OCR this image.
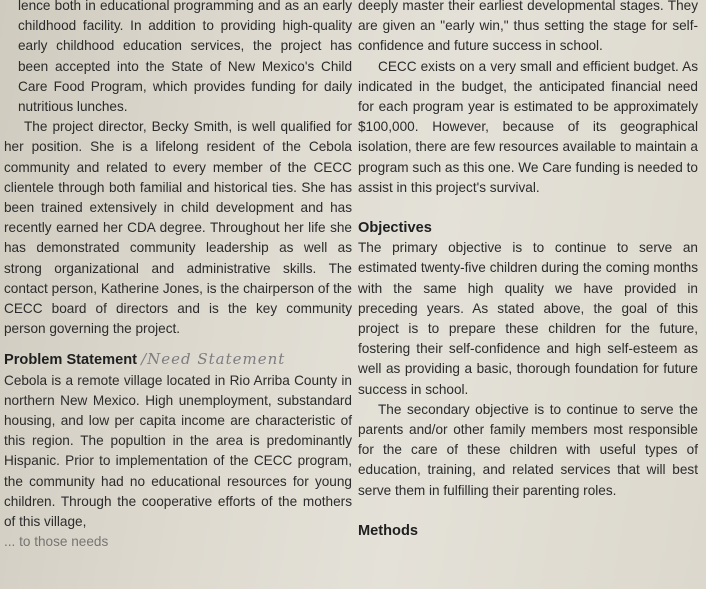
lence both in educational programming and as an early childhood facility. In addition to providing high-quality early childhood education services, the project has been accepted into the State of New Mexico's Child Care Food Program, which provides funding for daily nutritious lunches.

The project director, Becky Smith, is well qualified for her position. She is a lifelong resident of the Cebola community and related to every member of the CECC clientele through both familial and historical ties. She has been trained extensively in child development and has recently earned her CDA degree. Throughout her life she has demonstrated community leadership as well as strong organizational and administrative skills. The contact person, Katherine Jones, is the chairperson of the CECC board of directors and is the key community person governing the project.

Problem Statement /Need Statement

Cebola is a remote village located in Rio Arriba County in northern New Mexico. High unemployment, substandard housing, and low per capita income are characteristic of this region. The popultion in the area is predominantly Hispanic. Prior to implementation of the CECC program, the community had no educational resources for young children. Through the cooperative efforts of the mothers of this village,

... to those needs

deeply master their earliest developmental stages. They are given an "early win," thus setting the stage for self-confidence and future success in school.

CECC exists on a very small and efficient budget. As indicated in the budget, the anticipated financial need for each program year is estimated to be approximately $100,000. However, because of its geographical isolation, there are few resources available to maintain a program such as this one. We Care funding is needed to assist in this project's survival.

Objectives

The primary objective is to continue to serve an estimated twenty-five children during the coming months with the same high quality we have provided in preceding years. As stated above, the goal of this project is to prepare these children for the future, fostering their self-confidence and high self-esteem as well as providing a basic, thorough foundation for future success in school.

The secondary objective is to continue to serve the parents and/or other family members most responsible for the care of these children with useful types of education, training, and related services that will best serve them in fulfilling their parenting roles.

Methods
